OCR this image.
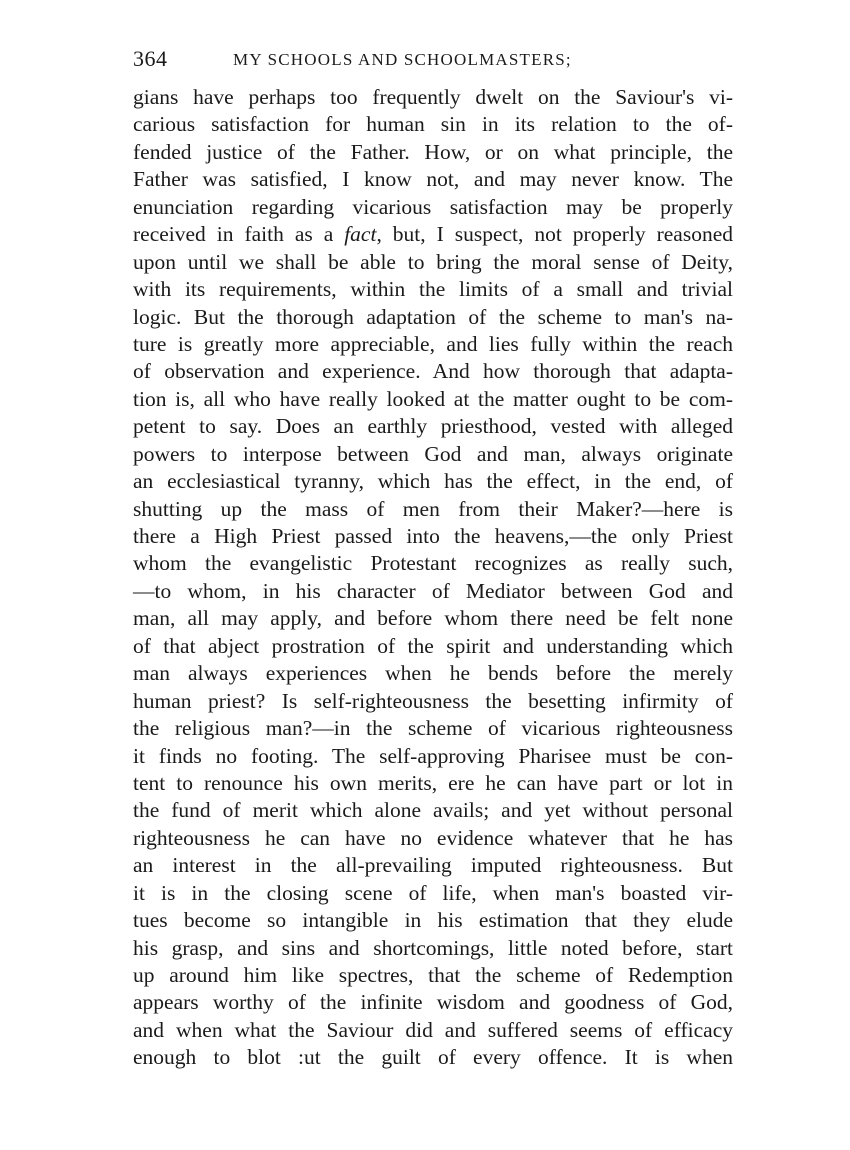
364	MY SCHOOLS AND SCHOOLMASTERS;
gians have perhaps too frequently dwelt on the Saviour's vi-
carious satisfaction for human sin in its relation to the of-
fended justice of the Father. How, or on what principle, the
Father was satisfied, I know not, and may never know. The
enunciation regarding vicarious satisfaction may be properly
received in faith as a fact, but, I suspect, not properly reasoned
upon until we shall be able to bring the moral sense of Deity,
with its requirements, within the limits of a small and trivial
logic. But the thorough adaptation of the scheme to man's na-
ture is greatly more appreciable, and lies fully within the reach
of observation and experience. And how thorough that adapta-
tion is, all who have really looked at the matter ought to be com-
petent to say. Does an earthly priesthood, vested with alleged
powers to interpose between God and man, always originate
an ecclesiastical tyranny, which has the effect, in the end, of
shutting up the mass of men from their Maker?—here is
there a High Priest passed into the heavens,—the only Priest
whom the evangelistic Protestant recognizes as really such,
—to whom, in his character of Mediator between God and
man, all may apply, and before whom there need be felt none
of that abject prostration of the spirit and understanding which
man always experiences when he bends before the merely
human priest? Is self-righteousness the besetting infirmity of
the religious man?—in the scheme of vicarious righteousness
it finds no footing. The self-approving Pharisee must be con-
tent to renounce his own merits, ere he can have part or lot in
the fund of merit which alone avails; and yet without personal
righteousness he can have no evidence whatever that he has
an interest in the all-prevailing imputed righteousness. But
it is in the closing scene of life, when man's boasted vir-
tues become so intangible in his estimation that they elude
his grasp, and sins and shortcomings, little noted before, start
up around him like spectres, that the scheme of Redemption
appears worthy of the infinite wisdom and goodness of God,
and when what the Saviour did and suffered seems of efficacy
enough to blot :ut the guilt of every offence. It is when
